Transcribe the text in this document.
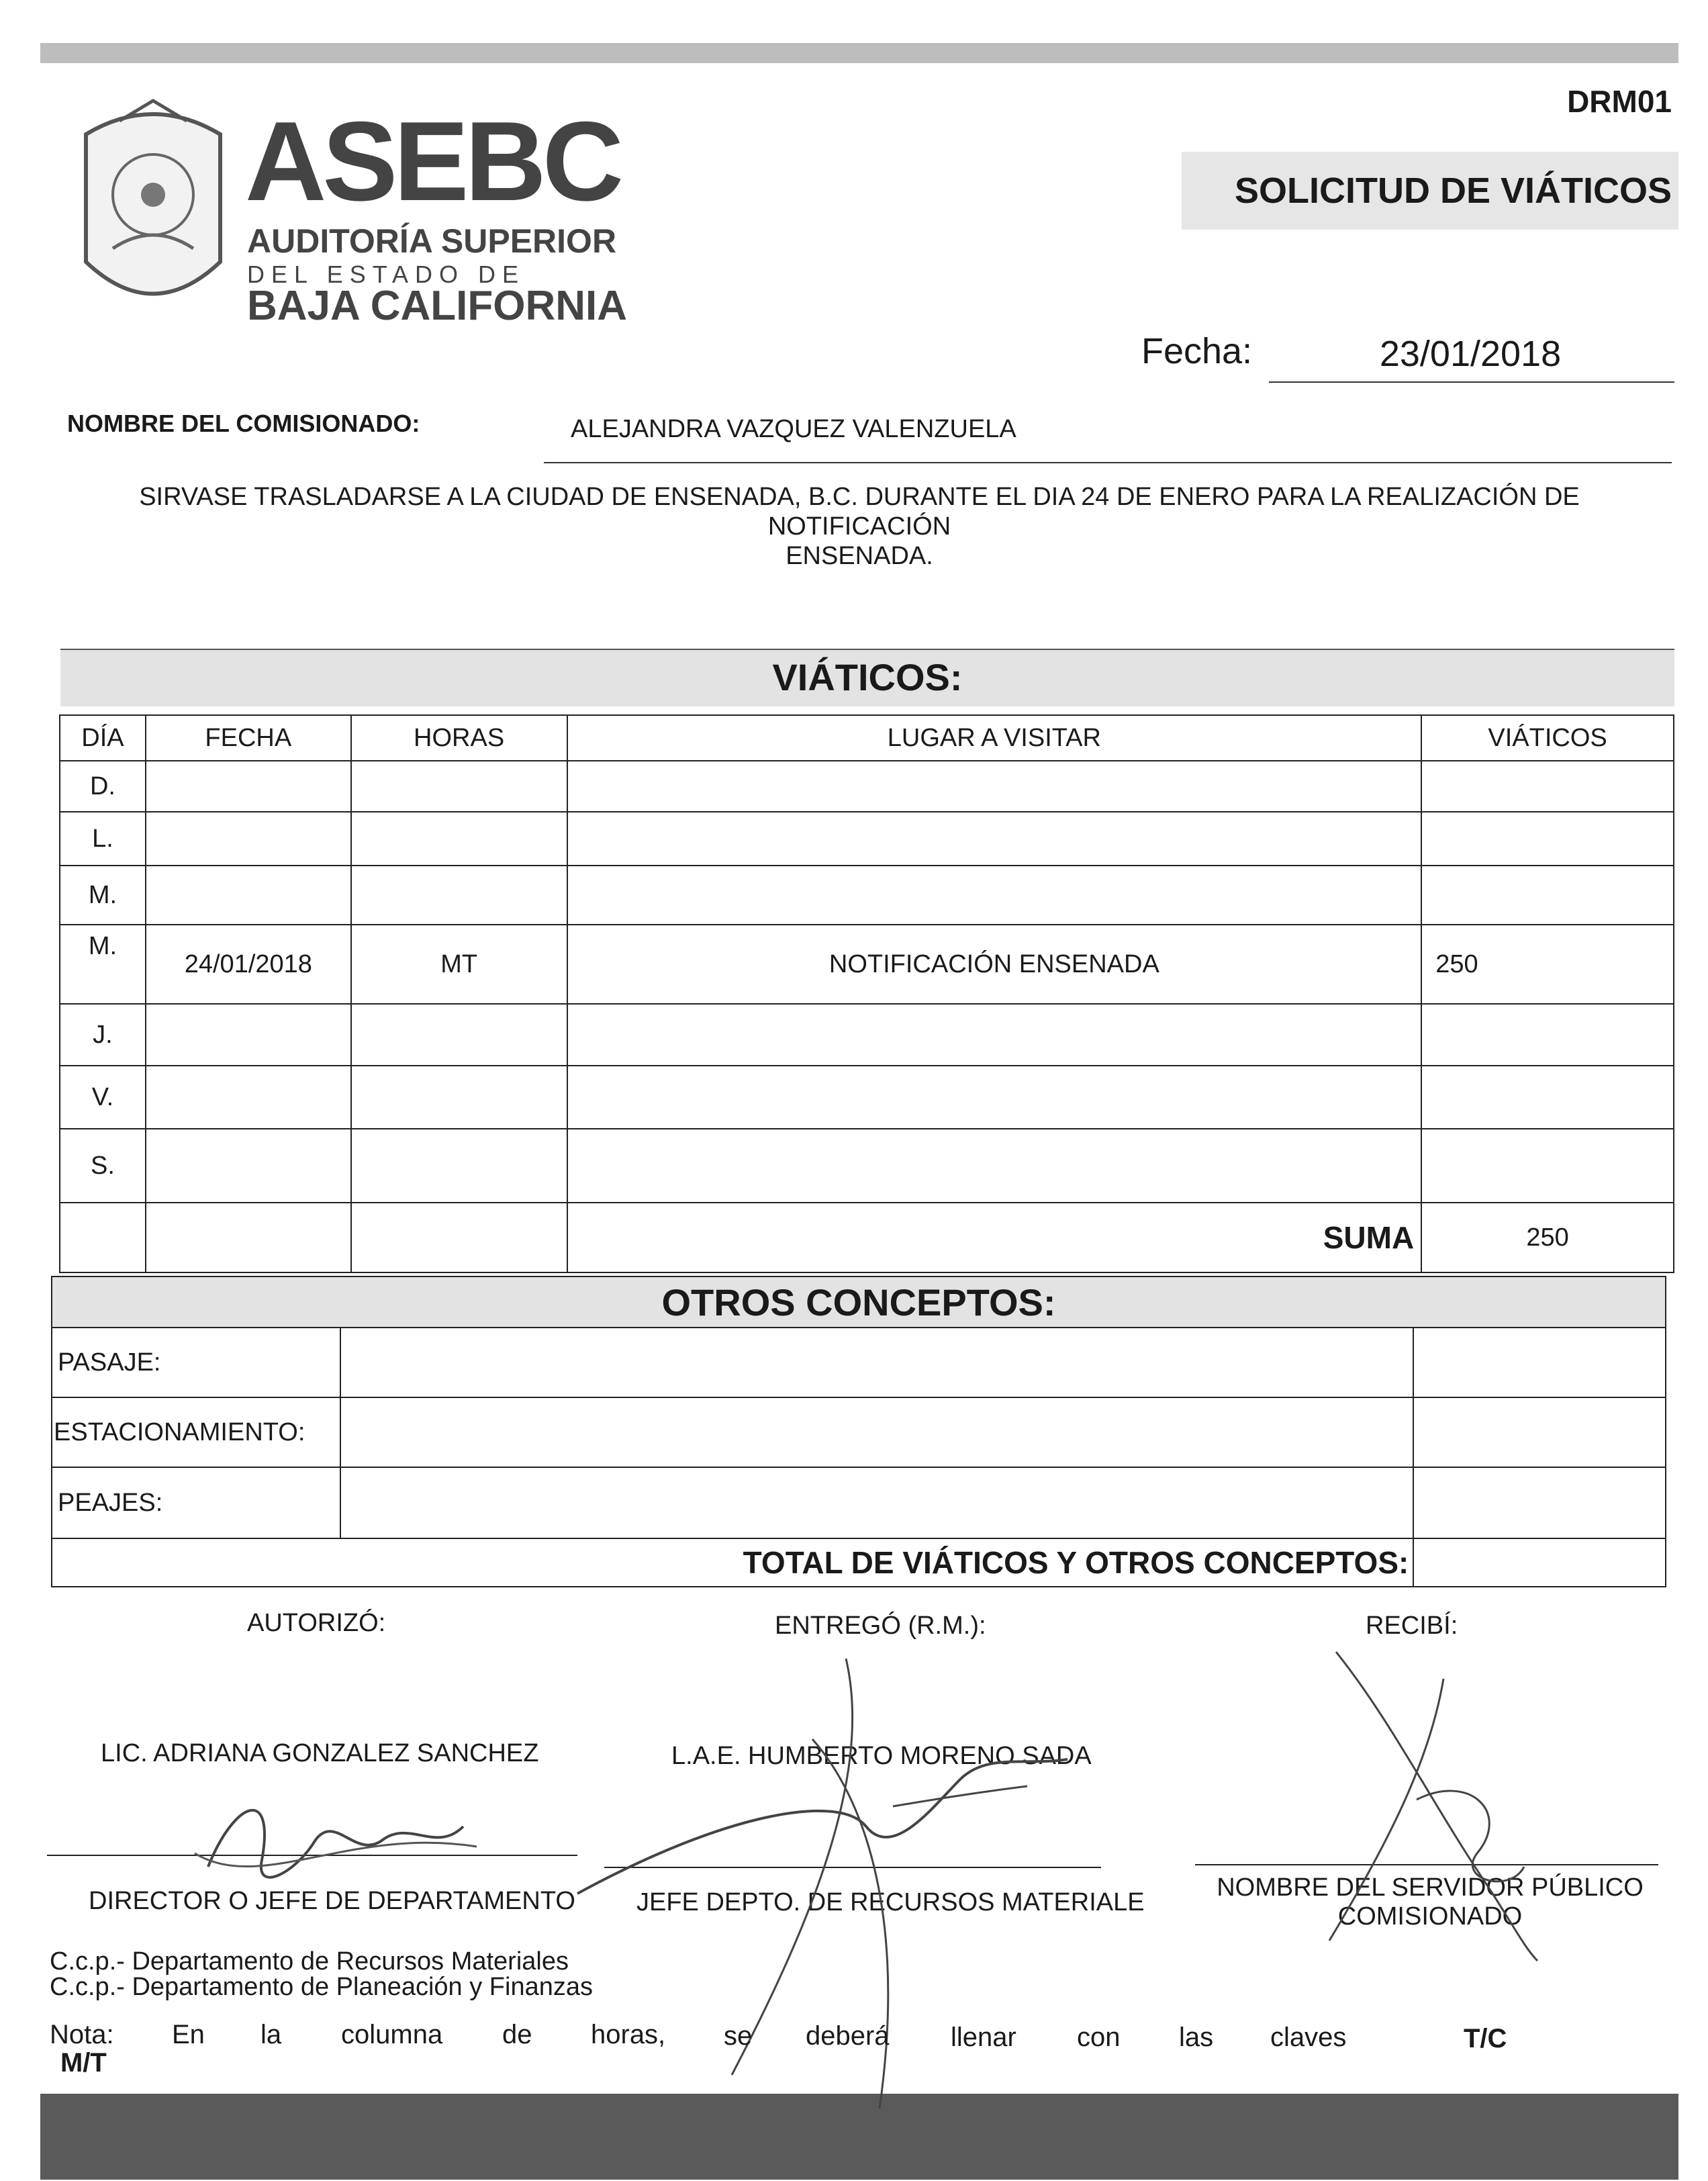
DRM01
SOLICITUD DE VIÁTICOS
ASEBC
AUDITORÍA SUPERIOR
DEL ESTADO DE
BAJA CALIFORNIA
Fecha:	23/01/2018
NOMBRE DEL COMISIONADO:	ALEJANDRA VAZQUEZ VALENZUELA
SIRVASE TRASLADARSE A LA CIUDAD DE ENSENADA, B.C. DURANTE EL DIA 24 DE ENERO PARA LA REALIZACIÓN DE NOTIFICACIÓN
ENSENADA.
VIÁTICOS:
DÍA	FECHA	HORAS	LUGAR A VISITAR	VIÁTICOS
D.				
L.				
M.				
M.	24/01/2018	MT	NOTIFICACIÓN ENSENADA	250
J.				
V.				
S.				
			SUMA	250
OTROS CONCEPTOS:
PASAJE:		
ESTACIONAMIENTO:		
PEAJES:		
TOTAL DE VIÁTICOS Y OTROS CONCEPTOS:		
AUTORIZÓ:	ENTREGÓ (R.M.):	RECIBÍ:
LIC. ADRIANA GONZALEZ SANCHEZ	L.A.E. HUMBERTO MORENO SADA
DIRECTOR O JEFE DE DEPARTAMENTO JEFE DEPTO. DE RECURSOS MATERIALE
NOMBRE DEL SERVIDOR PÚBLICO
COMISIONADO
C.c.p.- Departamento de Recursos Materiales
C.c.p.- Departamento de Planeación y Finanzas
Nota: En la columna de horas, se deberá llenar con las claves	T/C
M/T
